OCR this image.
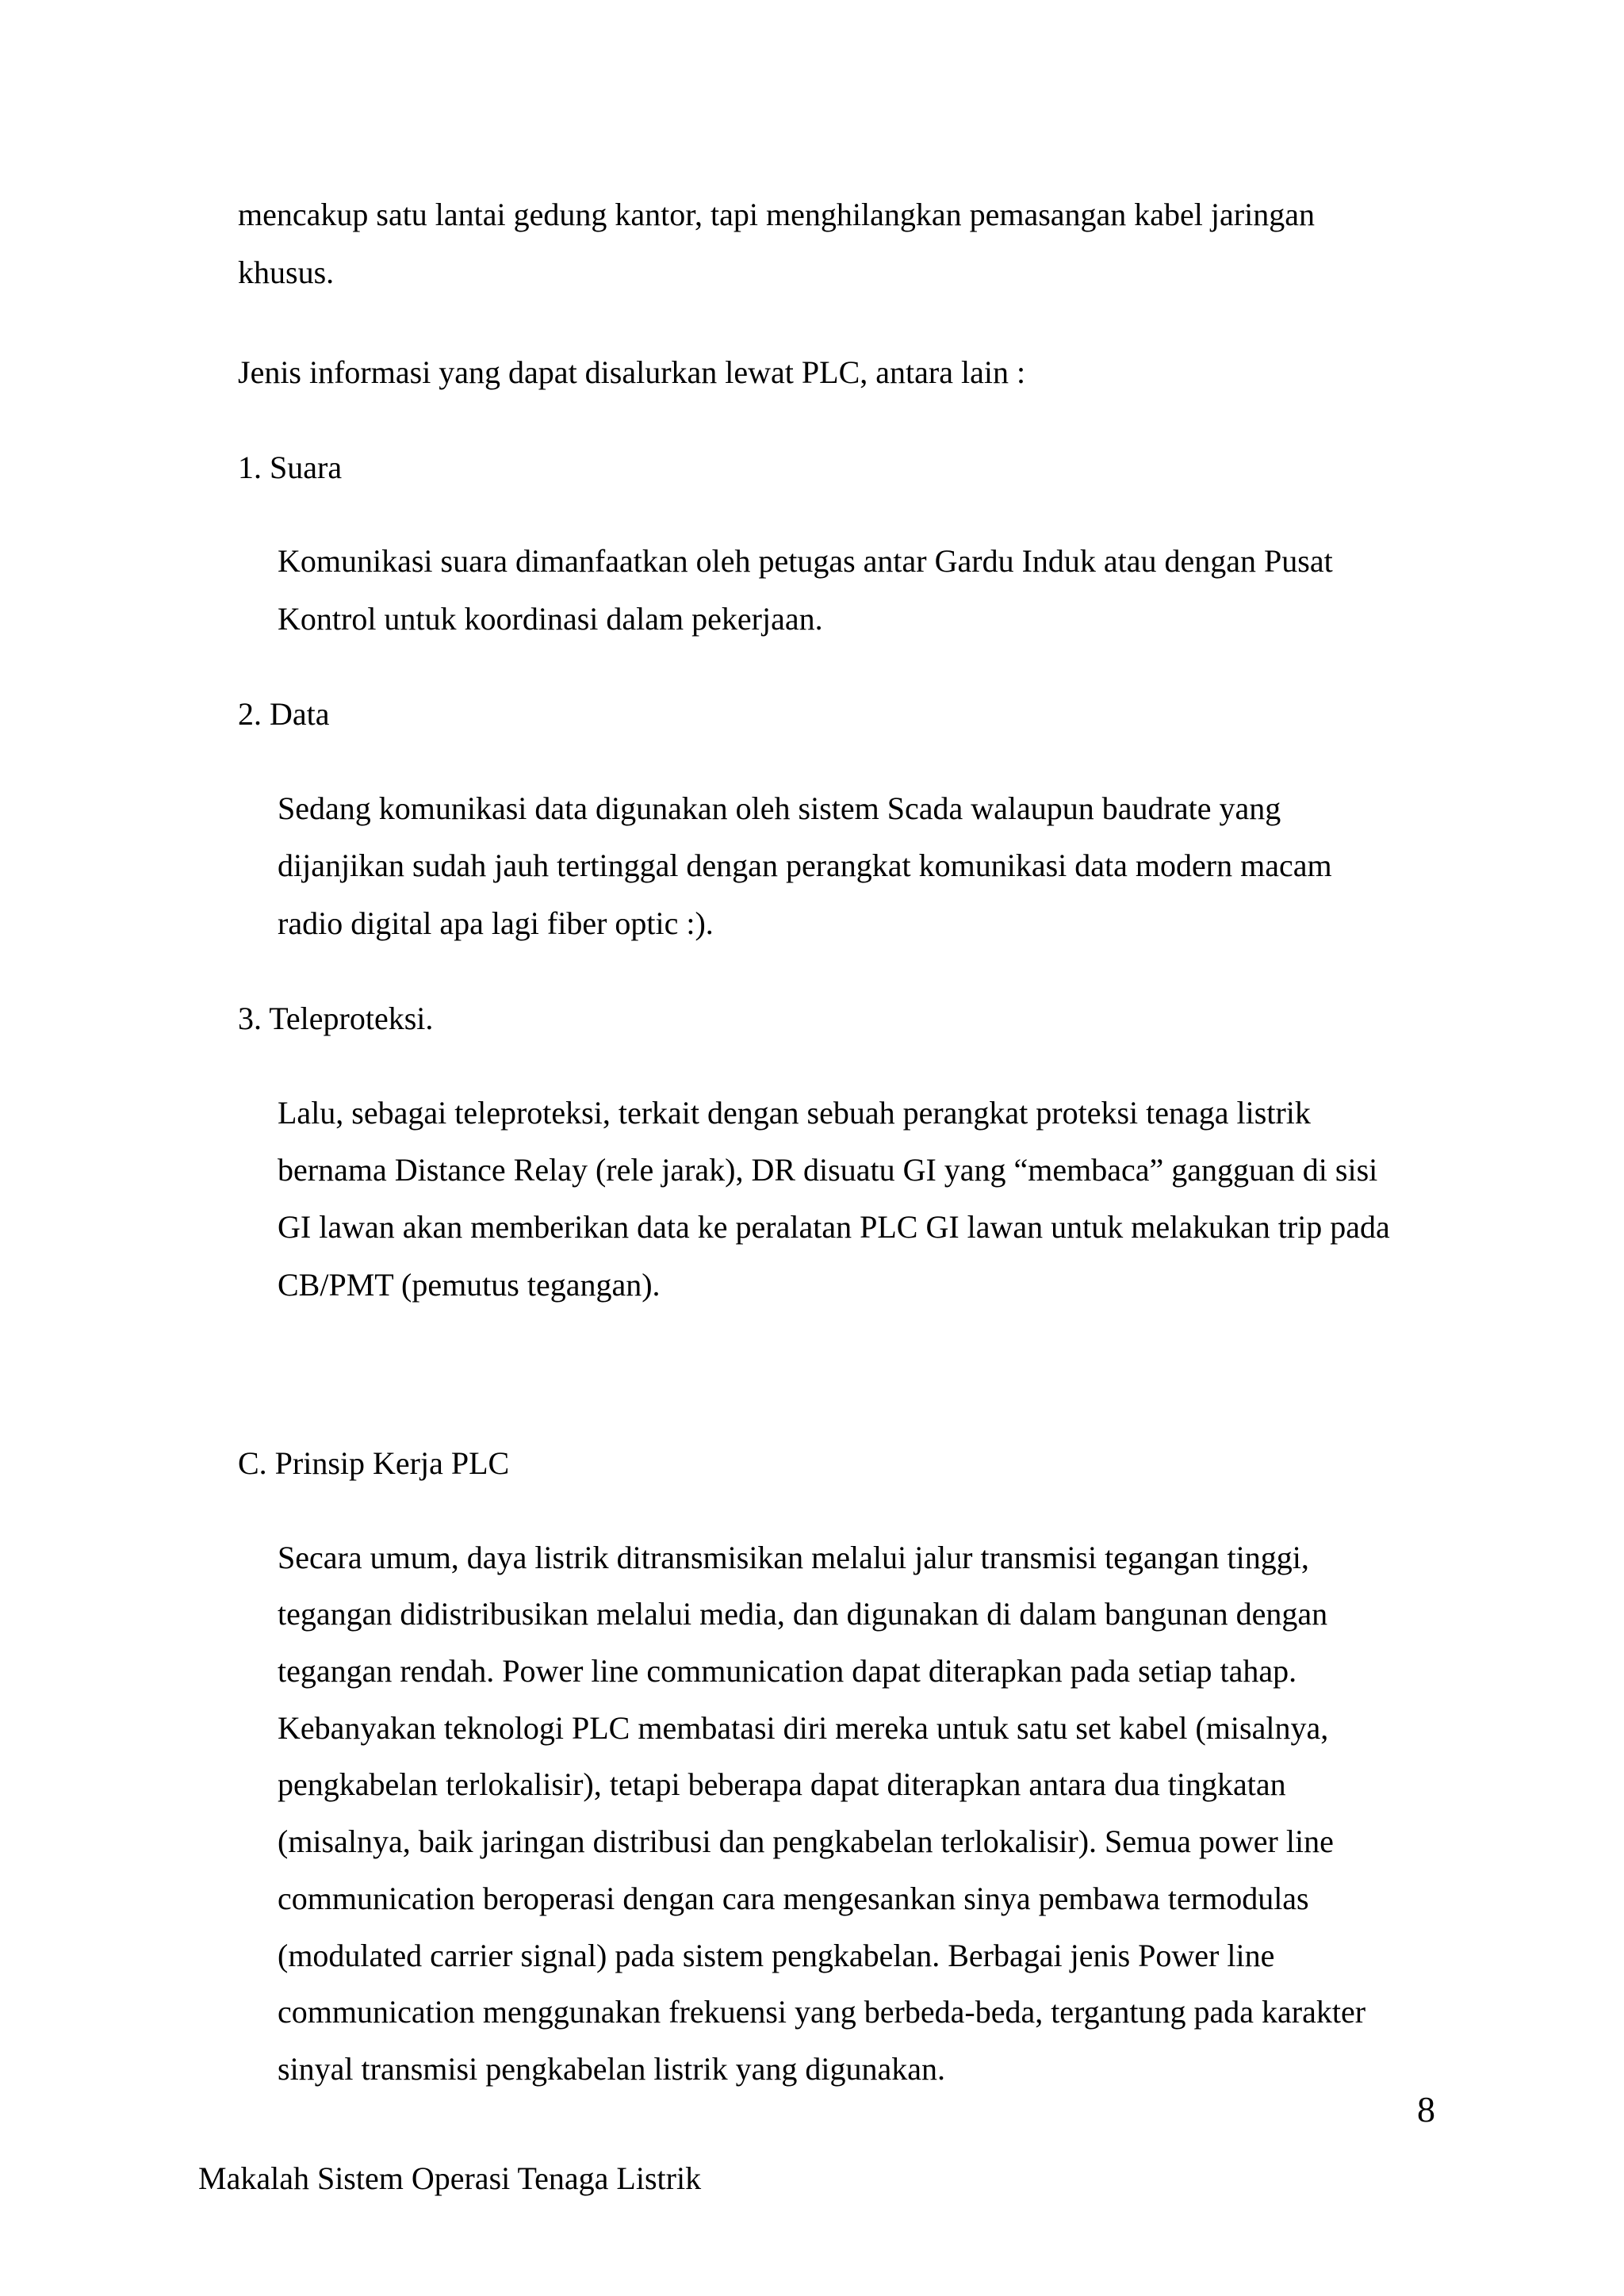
mencakup satu lantai gedung kantor, tapi menghilangkan pemasangan kabel jaringan
khusus.
Jenis informasi yang dapat disalurkan lewat PLC, antara lain :
1. Suara
Komunikasi suara dimanfaatkan oleh petugas antar Gardu Induk atau dengan Pusat
Kontrol untuk koordinasi dalam pekerjaan.
2. Data
Sedang komunikasi data digunakan oleh sistem Scada walaupun baudrate yang
dijanjikan sudah jauh tertinggal dengan perangkat komunikasi data modern macam
radio digital apa lagi fiber optic :).
3. Teleproteksi.
Lalu, sebagai teleproteksi, terkait dengan sebuah perangkat proteksi tenaga listrik
bernama Distance Relay (rele jarak), DR disuatu GI yang “membaca” gangguan di sisi
GI lawan akan memberikan data ke peralatan PLC GI lawan untuk melakukan trip pada
CB/PMT (pemutus tegangan).
C. Prinsip Kerja PLC
Secara umum, daya listrik ditransmisikan melalui jalur transmisi tegangan tinggi,
tegangan didistribusikan melalui media, dan digunakan di dalam bangunan dengan
tegangan rendah. Power line communication dapat diterapkan pada setiap tahap.
Kebanyakan teknologi PLC membatasi diri mereka untuk satu set kabel (misalnya,
pengkabelan terlokalisir), tetapi beberapa dapat diterapkan antara dua tingkatan
(misalnya, baik jaringan distribusi dan pengkabelan terlokalisir). Semua power line
communication beroperasi dengan cara mengesankan sinya pembawa termodulas
(modulated carrier signal) pada sistem pengkabelan. Berbagai jenis Power line
communication menggunakan frekuensi yang berbeda-beda, tergantung pada karakter
sinyal transmisi pengkabelan listrik yang digunakan.
8
Makalah Sistem Operasi Tenaga Listrik
